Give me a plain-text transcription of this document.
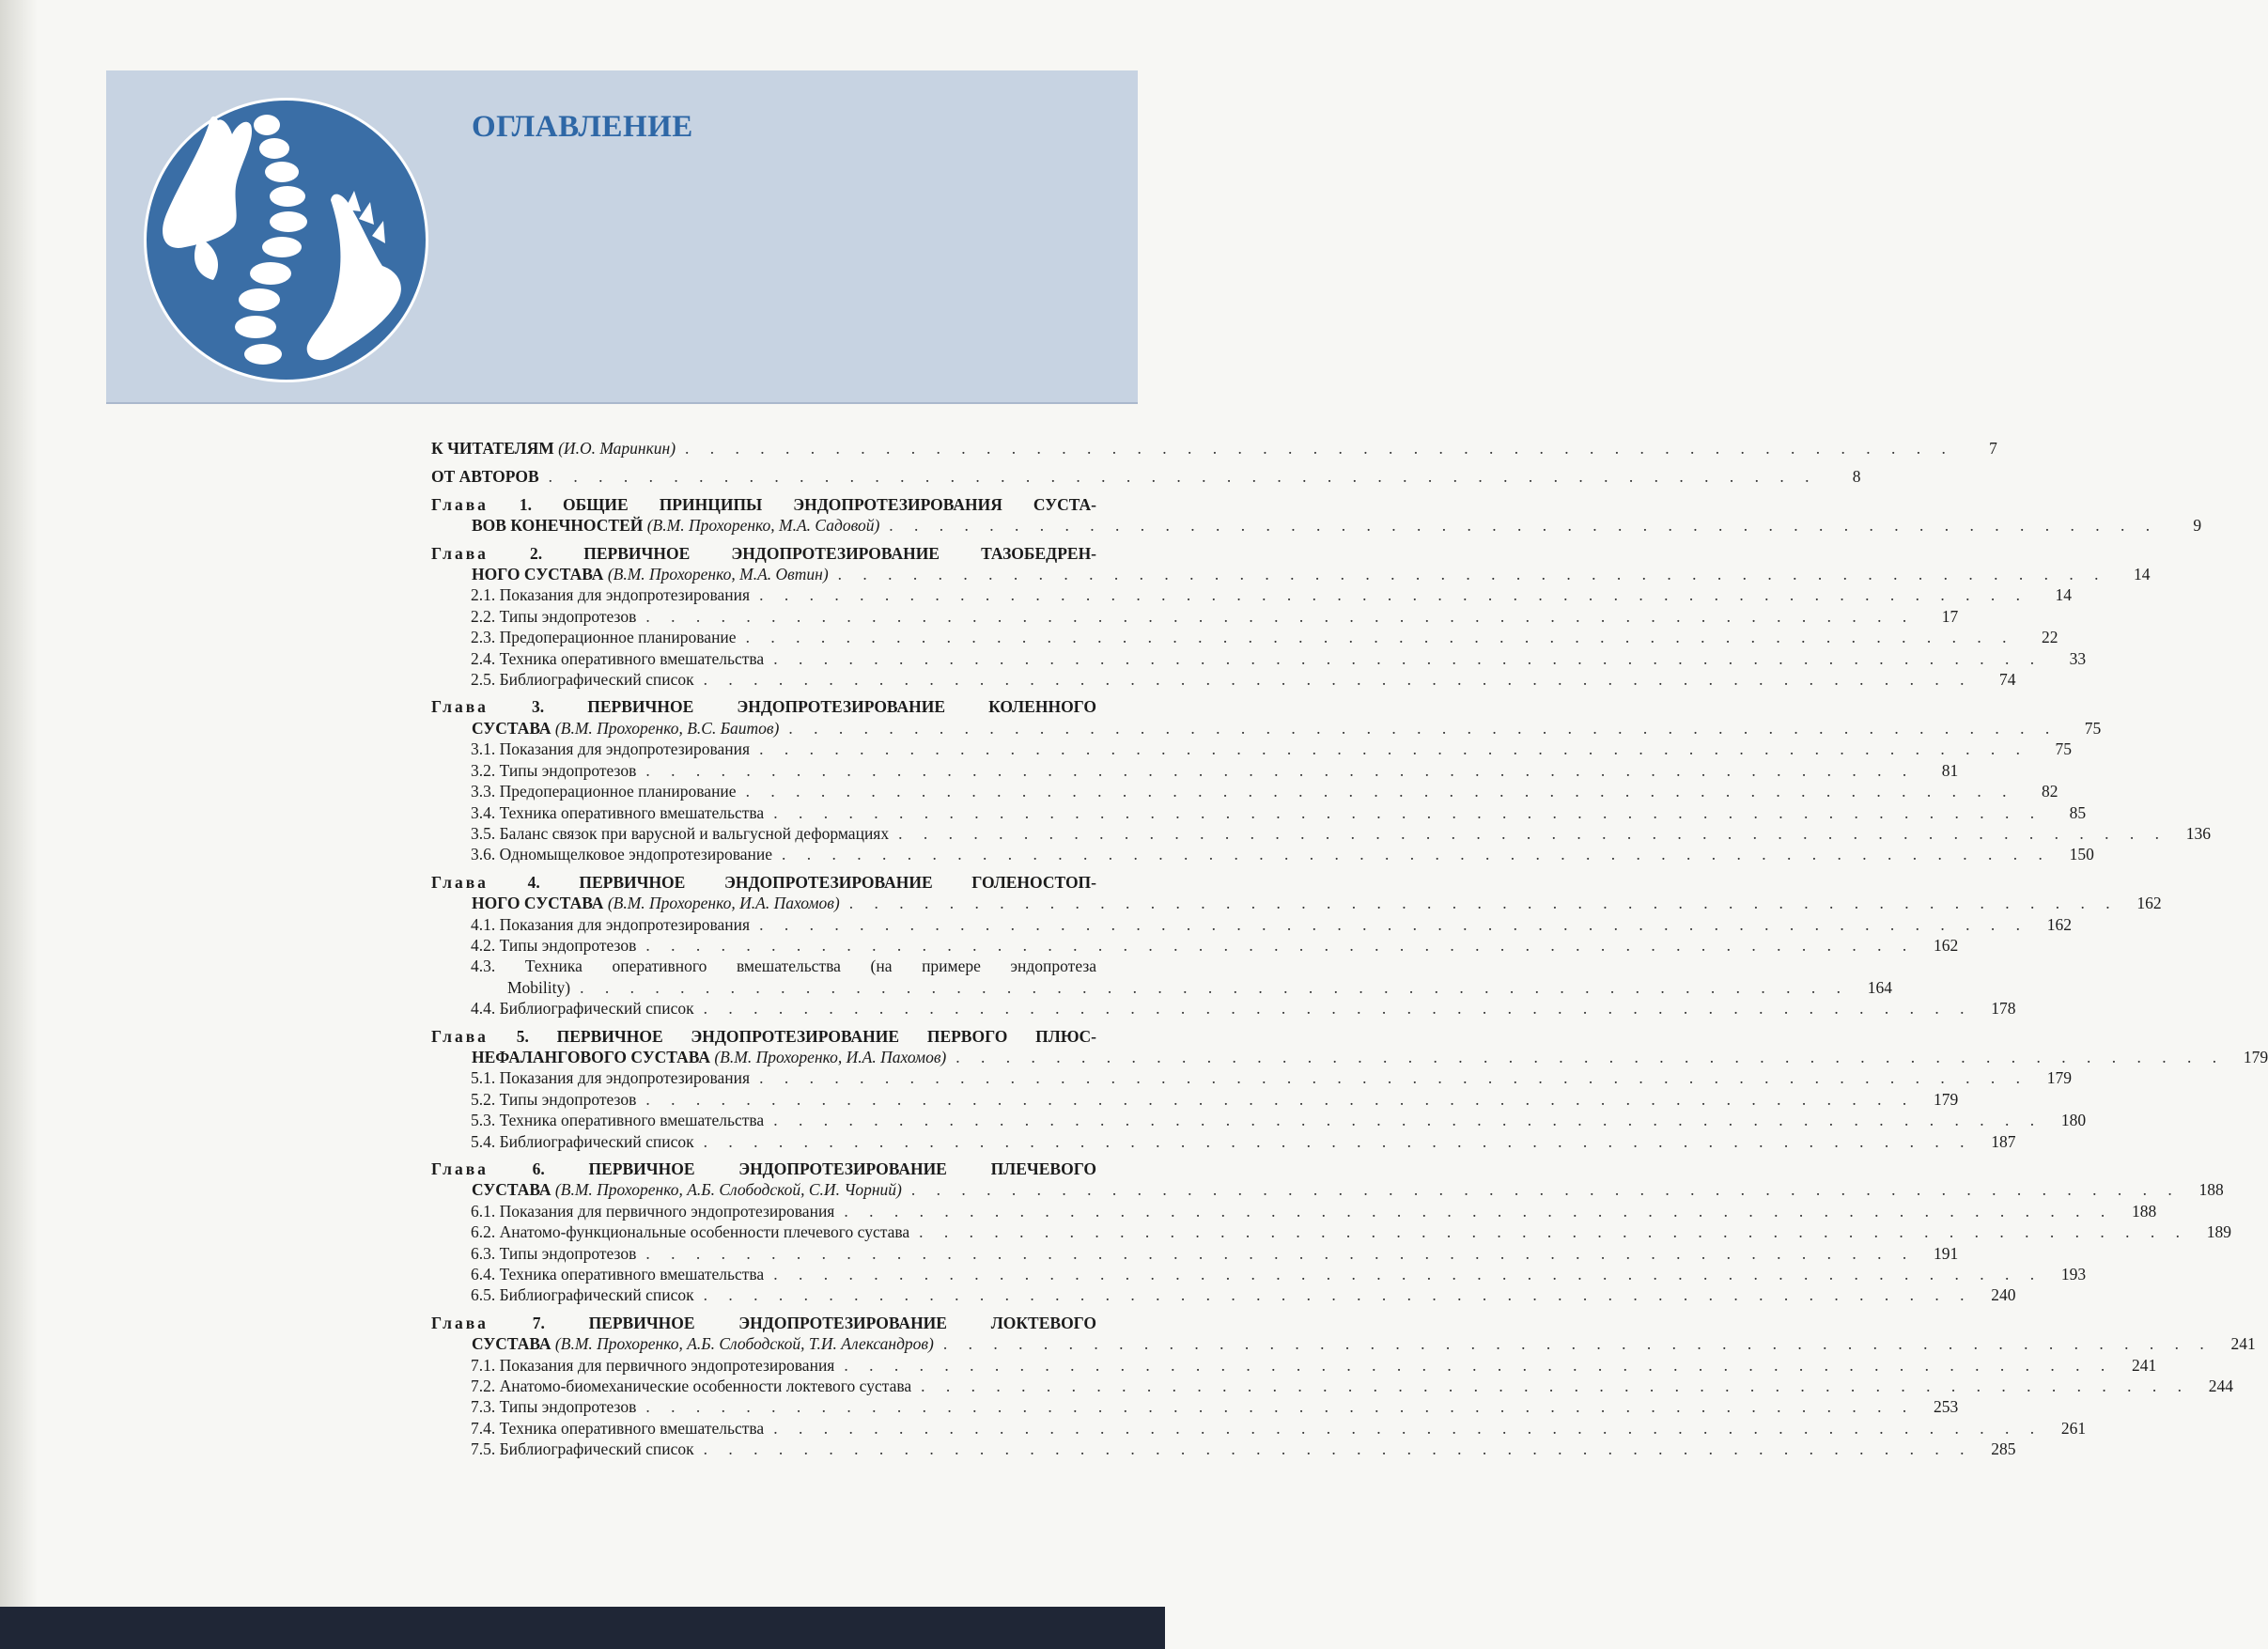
ОГЛАВЛЕНИЕ
К ЧИТАТЕЛЯМ (И.О. Маринкин) . . . . . . . . . . . . . . . . . . . . . . . . . . . . . . . . . . . . . . . . . . . . . . . . . . .	7
ОТ АВТОРОВ . . . . . . . . . . . . . . . . . . . . . . . . . . . . . . . . . . . . . . . . . . . . . . . . . . .	8
Глава 1. ОБЩИЕ ПРИНЦИПЫ ЭНДОПРОТЕЗИРОВАНИЯ СУСТА-
ВОВ КОНЕЧНОСТЕЙ (В.М. Прохоренко, М.А. Садовой) . . . . . . . . . . . . . . . . . . . . . . . . . . . . . . . . . . . . . . . . . . . . . . . . . . .	9
Глава	2. ПЕРВИЧНОЕ ЭНДОПРОТЕЗИРОВАНИЕ ТАЗОБЕДРЕН-
НОГО СУСТАВА (В.М. Прохоренко, М.А. Овтин) . . . . . . . . . . . . . . . . . . . . . . . . . . . . . . . . . . . . . . . . . . . . . . . . . . .	14
2.1. Показания для эндопротезирования . . . . . . . . . . . . . . . . . . . . . . . . . . . . . . . . . . . . . . . . . . . . . . . . . . .	14
2.2. Типы эндопротезов . . . . . . . . . . . . . . . . . . . . . . . . . . . . . . . . . . . . . . . . . . . . . . . . . . .	17
2.3. Предоперационное планирование . . . . . . . . . . . . . . . . . . . . . . . . . . . . . . . . . . . . . . . . . . . . . . . . . . .	22
2.4. Техника оперативного вмешательства . . . . . . . . . . . . . . . . . . . . . . . . . . . . . . . . . . . . . . . . . . . . . . . . . . .	33
2.5. Библиографический список . . . . . . . . . . . . . . . . . . . . . . . . . . . . . . . . . . . . . . . . . . . . . . . . . . .	74
Глава	3. ПЕРВИЧНОЕ ЭНДОПРОТЕЗИРОВАНИЕ КОЛЕННОГО
СУСТАВА (В.М. Прохоренко, В.С. Баитов) . . . . . . . . . . . . . . . . . . . . . . . . . . . . . . . . . . . . . . . . . . . . . . . . . . .	75
3.1. Показания для эндопротезирования . . . . . . . . . . . . . . . . . . . . . . . . . . . . . . . . . . . . . . . . . . . . . . . . . . .	75
3.2. Типы эндопротезов . . . . . . . . . . . . . . . . . . . . . . . . . . . . . . . . . . . . . . . . . . . . . . . . . . .	81
3.3. Предоперационное планирование . . . . . . . . . . . . . . . . . . . . . . . . . . . . . . . . . . . . . . . . . . . . . . . . . . .	82
3.4. Техника оперативного вмешательства . . . . . . . . . . . . . . . . . . . . . . . . . . . . . . . . . . . . . . . . . . . . . . . . . . .	85
3.5. Баланс связок при варусной и вальгусной деформациях . . . . . . . . . . . . . . . . . . . . . . . . . . . . . . . . . . . . . . . . . . . . . . . . . . .	136
3.6. Одномыщелковое эндопротезирование . . . . . . . . . . . . . . . . . . . . . . . . . . . . . . . . . . . . . . . . . . . . . . . . . . .	150
Глава 4. ПЕРВИЧНОЕ ЭНДОПРОТЕЗИРОВАНИЕ ГОЛЕНОСТОП-
НОГО СУСТАВА (В.М. Прохоренко, И.А. Пахомов) . . . . . . . . . . . . . . . . . . . . . . . . . . . . . . . . . . . . . . . . . . . . . . . . . . .	162
4.1. Показания для эндопротезирования . . . . . . . . . . . . . . . . . . . . . . . . . . . . . . . . . . . . . . . . . . . . . . . . . . .	162
4.2. Типы эндопротезов . . . . . . . . . . . . . . . . . . . . . . . . . . . . . . . . . . . . . . . . . . . . . . . . . . .	162
4.3. Техника оперативного вмешательства (на примере эндопротеза
Mobility) . . . . . . . . . . . . . . . . . . . . . . . . . . . . . . . . . . . . . . . . . . . . . . . . . . .	164
4.4. Библиографический список . . . . . . . . . . . . . . . . . . . . . . . . . . . . . . . . . . . . . . . . . . . . . . . . . . .	178
Глава 5. ПЕРВИЧНОЕ ЭНДОПРОТЕЗИРОВАНИЕ ПЕРВОГО ПЛЮС-
НЕФАЛАНГОВОГО СУСТАВА (В.М. Прохоренко, И.А. Пахомов) . . . . . . . . . . . . . . . . . . . . . . . . . . . . . . . . . . . . . . . . . . . . . . . . . . .	179
5.1. Показания для эндопротезирования . . . . . . . . . . . . . . . . . . . . . . . . . . . . . . . . . . . . . . . . . . . . . . . . . . .	179
5.2. Типы эндопротезов . . . . . . . . . . . . . . . . . . . . . . . . . . . . . . . . . . . . . . . . . . . . . . . . . . .	179
5.3. Техника оперативного вмешательства . . . . . . . . . . . . . . . . . . . . . . . . . . . . . . . . . . . . . . . . . . . . . . . . . . .	180
5.4. Библиографический список . . . . . . . . . . . . . . . . . . . . . . . . . . . . . . . . . . . . . . . . . . . . . . . . . . .	187
Глава	6. ПЕРВИЧНОЕ ЭНДОПРОТЕЗИРОВАНИЕ ПЛЕЧЕВОГО
СУСТАВА (В.М. Прохоренко, А.Б. Слободской, С.И. Чорний) . . . . . . . . . . . . . . . . . . . . . . . . . . . . . . . . . . . . . . . . . . . . . . . . . . .	188
6.1. Показания для первичного эндопротезирования . . . . . . . . . . . . . . . . . . . . . . . . . . . . . . . . . . . . . . . . . . . . . . . . . . .	188
6.2. Анатомо-функциональные особенности плечевого сустава . . . . . . . . . . . . . . . . . . . . . . . . . . . . . . . . . . . . . . . . . . . . . . . . . . .	189
6.3. Типы эндопротезов . . . . . . . . . . . . . . . . . . . . . . . . . . . . . . . . . . . . . . . . . . . . . . . . . . .	191
6.4. Техника оперативного вмешательства . . . . . . . . . . . . . . . . . . . . . . . . . . . . . . . . . . . . . . . . . . . . . . . . . . .	193
6.5. Библиографический список . . . . . . . . . . . . . . . . . . . . . . . . . . . . . . . . . . . . . . . . . . . . . . . . . . .	240
Глава	7. ПЕРВИЧНОЕ ЭНДОПРОТЕЗИРОВАНИЕ ЛОКТЕВОГО
СУСТАВА (В.М. Прохоренко, А.Б. Слободской, Т.И. Александров) . . . . . . . . . . . . . . . . . . . . . . . . . . . . . . . . . . . . . . . . . . . . . . . . . . .	241
7.1. Показания для первичного эндопротезирования . . . . . . . . . . . . . . . . . . . . . . . . . . . . . . . . . . . . . . . . . . . . . . . . . . .	241
7.2. Анатомо-биомеханические особенности локтевого сустава . . . . . . . . . . . . . . . . . . . . . . . . . . . . . . . . . . . . . . . . . . . . . . . . . . .	244
7.3. Типы эндопротезов . . . . . . . . . . . . . . . . . . . . . . . . . . . . . . . . . . . . . . . . . . . . . . . . . . .	253
7.4. Техника оперативного вмешательства . . . . . . . . . . . . . . . . . . . . . . . . . . . . . . . . . . . . . . . . . . . . . . . . . . .	261
7.5. Библиографический список . . . . . . . . . . . . . . . . . . . . . . . . . . . . . . . . . . . . . . . . . . . . . . . . . . .	285
